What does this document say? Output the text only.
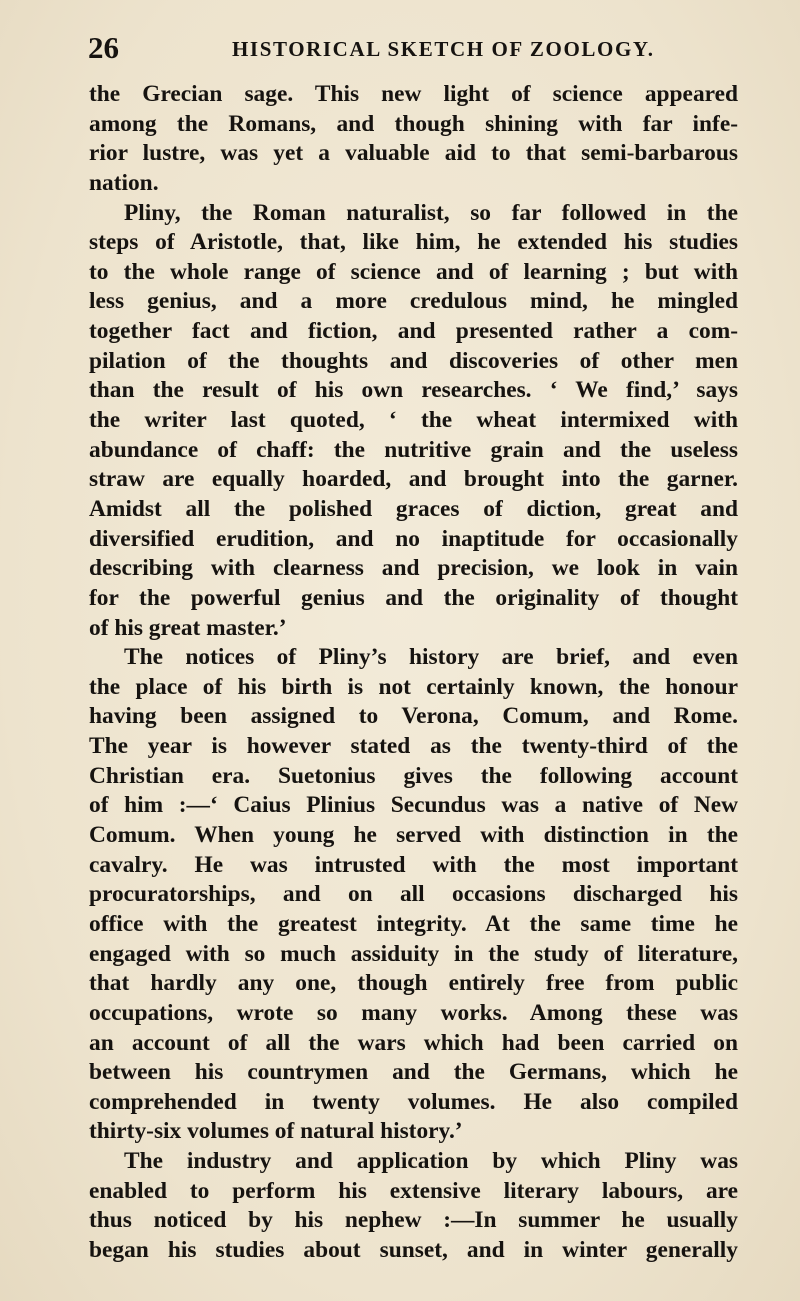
26	HISTORICAL SKETCH OF ZOOLOGY.
the Grecian sage. This new light of science appeared
among the Romans, and though shining with far infe-
rior lustre, was yet a valuable aid to that semi-barbarous
nation.
Pliny, the Roman naturalist, so far followed in the
steps of Aristotle, that, like him, he extended his studies
to the whole range of science and of learning ; but with
less genius, and a more credulous mind, he mingled
together fact and fiction, and presented rather a com-
pilation of the thoughts and discoveries of other men
than the result of his own researches. ‘ We find,’ says
the writer last quoted, ‘ the wheat intermixed with
abundance of chaff: the nutritive grain and the useless
straw are equally hoarded, and brought into the garner.
Amidst all the polished graces of diction, great and
diversified erudition, and no inaptitude for occasionally
describing with clearness and precision, we look in vain
for the powerful genius and the originality of thought
of his great master.’
The notices of Pliny’s history are brief, and even
the place of his birth is not certainly known, the honour
having been assigned to Verona, Comum, and Rome.
The year is however stated as the twenty-third of the
Christian era. Suetonius gives the following account
of him :—‘ Caius Plinius Secundus was a native of New
Comum. When young he served with distinction in the
cavalry. He was intrusted with the most important
procuratorships, and on all occasions discharged his
office with the greatest integrity. At the same time he
engaged with so much assiduity in the study of literature,
that hardly any one, though entirely free from public
occupations, wrote so many works. Among these was
an account of all the wars which had been carried on
between his countrymen and the Germans, which he
comprehended in twenty volumes. He also compiled
thirty-six volumes of natural history.’
The industry and application by which Pliny was
enabled to perform his extensive literary labours, are
thus noticed by his nephew :—In summer he usually
began his studies about sunset, and in winter generally
